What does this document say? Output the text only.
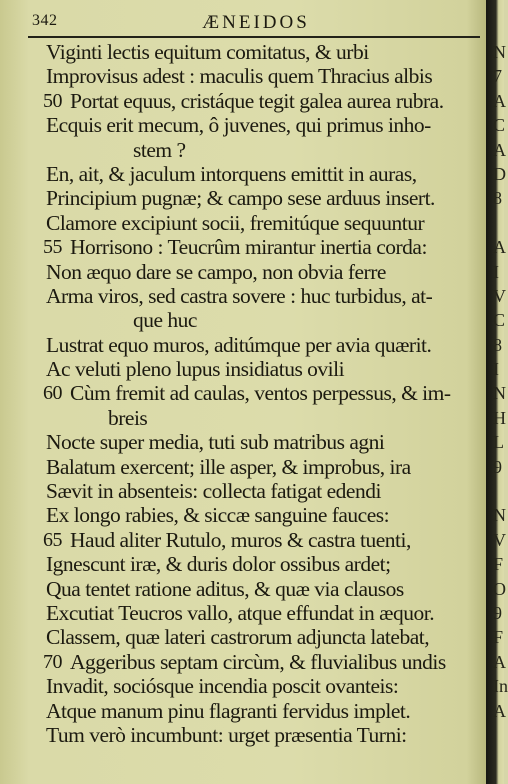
342	ÆNEIDOS
Viginti lectis equitum comitatus, & urbi
Improvisus adest : maculis quem Thracius albis
50 Portat equus, cristáque tegit galea aurea rubra.
Ecquis erit mecum, ô juvenes, qui primus inho-
stem ?
En, ait, & jaculum intorquens emittit in auras,
Principium pugnæ; & campo sese arduus insert.
Clamore excipiunt socii, fremitúque sequuntur
55 Horrisono : Teucrûm mirantur inertia corda:
Non æquo dare se campo, non obvia ferre
Arma viros, sed castra sovere : huc turbidus, at-
que huc
Lustrat equo muros, aditúmque per avia quærit.
Ac veluti pleno lupus insidiatus ovili
60 Cùm fremit ad caulas, ventos perpessus, & im-
breis
Nocte super media, tuti sub matribus agni
Balatum exercent; ille asper, & improbus, ira
Sævit in absenteis: collecta fatigat edendi
Ex longo rabies, & siccæ sanguine fauces:
65 Haud aliter Rutulo, muros & castra tuenti,
Ignescunt iræ, & duris dolor ossibus ardet;
Qua tentet ratione aditus, & quæ via clausos
Excutiat Teucros vallo, atque effundat in æquor.
Classem, quæ lateri castrorum adjuncta latebat,
70 Aggeribus septam circùm, & fluvialibus undis
Invadit, sociósque incendia poscit ovanteis:
Atque manum pinu flagranti fervidus implet.
Tum verò incumbunt: urget præsentia Turni:
N
7
A
C
A
D
8
A
I
V
C
8
I
N
H
L
9
N
V
F
O
9
F
A
In
A
